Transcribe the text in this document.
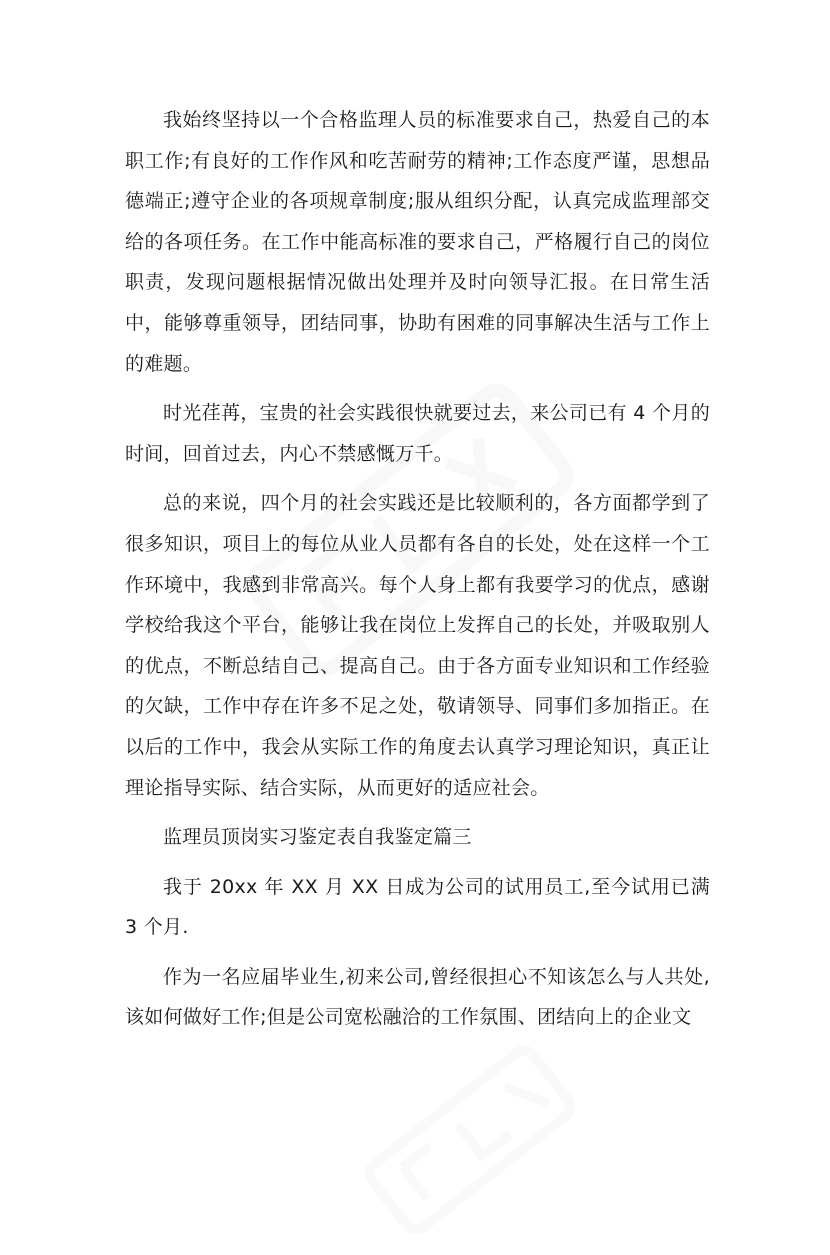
我始终坚持以一个合格监理人员的标准要求自己，热爱自己的本职工作;有良好的工作作风和吃苦耐劳的精神;工作态度严谨，思想品德端正;遵守企业的各项规章制度;服从组织分配，认真完成监理部交给的各项任务。在工作中能高标准的要求自己，严格履行自己的岗位职责，发现问题根据情况做出处理并及时向领导汇报。在日常生活中，能够尊重领导，团结同事，协助有困难的同事解决生活与工作上的难题。

时光荏苒，宝贵的社会实践很快就要过去，来公司已有 4 个月的时间，回首过去，内心不禁感慨万千。

总的来说，四个月的社会实践还是比较顺利的，各方面都学到了很多知识，项目上的每位从业人员都有各自的长处，处在这样一个工作环境中，我感到非常高兴。每个人身上都有我要学习的优点，感谢学校给我这个平台，能够让我在岗位上发挥自己的长处，并吸取别人的优点，不断总结自己、提高自己。由于各方面专业知识和工作经验的欠缺，工作中存在许多不足之处，敬请领导、同事们多加指正。在以后的工作中，我会从实际工作的角度去认真学习理论知识，真正让理论指导实际、结合实际，从而更好的适应社会。

监理员顶岗实习鉴定表自我鉴定篇三

我于 20xx 年 XX 月 XX 日成为公司的试用员工,至今试用已满 3 个月.

作为一名应届毕业生,初来公司,曾经很担心不知该怎么与人共处,该如何做好工作;但是公司宽松融洽的工作氛围、团结向上的企业文
